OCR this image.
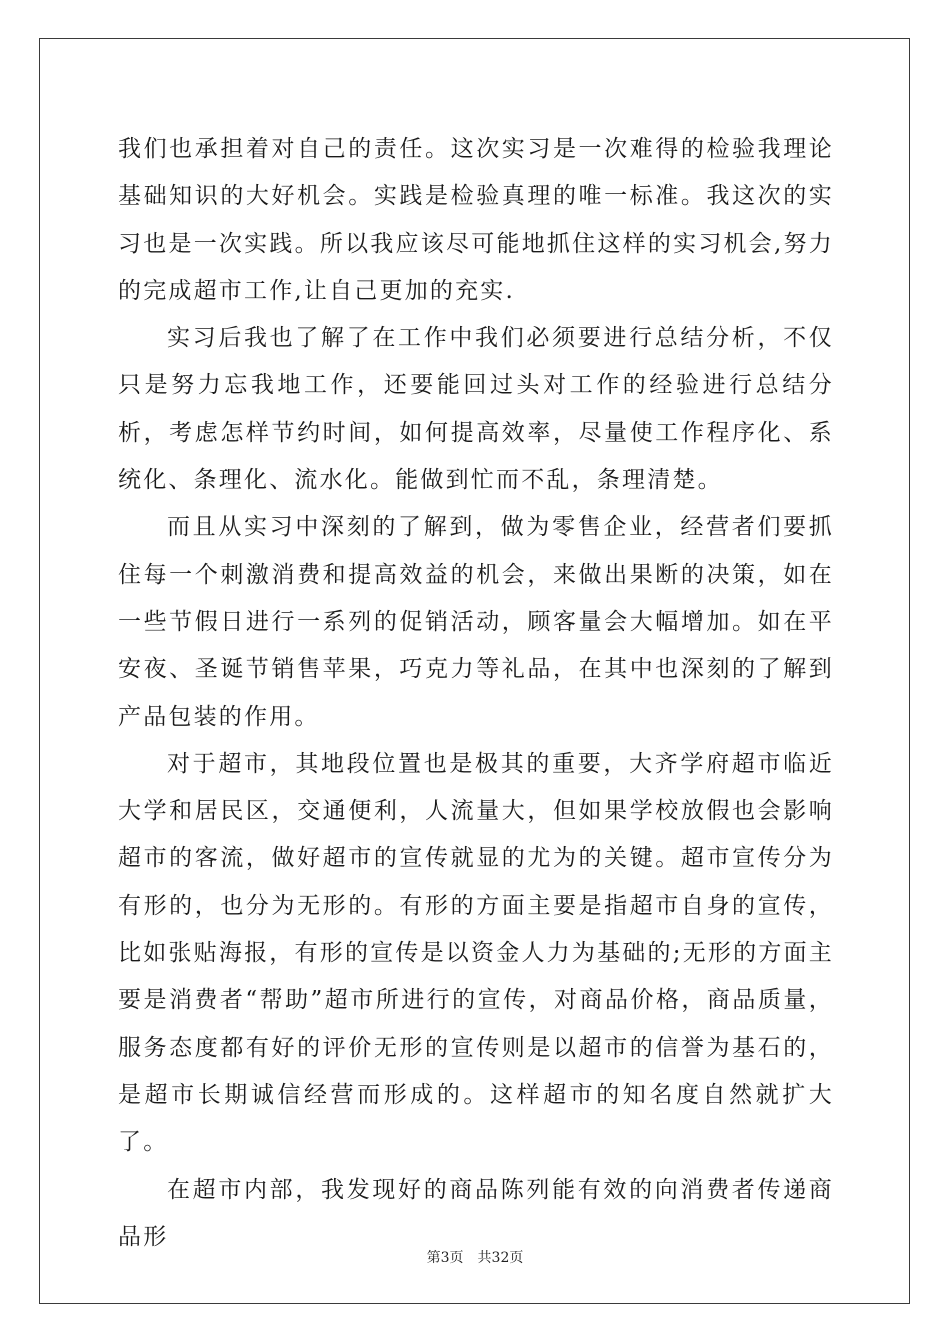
我们也承担着对自己的责任。这次实习是一次难得的检验我理论基础知识的大好机会。实践是检验真理的唯一标准。我这次的实习也是一次实践。所以我应该尽可能地抓住这样的实习机会,努力的完成超市工作,让自己更加的充实.

实习后我也了解了在工作中我们必须要进行总结分析，不仅只是努力忘我地工作，还要能回过头对工作的经验进行总结分析，考虑怎样节约时间，如何提高效率，尽量使工作程序化、系统化、条理化、流水化。能做到忙而不乱，条理清楚。

而且从实习中深刻的了解到，做为零售企业，经营者们要抓住每一个刺激消费和提高效益的机会，来做出果断的决策，如在一些节假日进行一系列的促销活动，顾客量会大幅增加。如在平安夜、圣诞节销售苹果，巧克力等礼品，在其中也深刻的了解到产品包装的作用。

对于超市，其地段位置也是极其的重要，大齐学府超市临近大学和居民区，交通便利，人流量大，但如果学校放假也会影响超市的客流，做好超市的宣传就显的尤为的关键。超市宣传分为有形的，也分为无形的。有形的方面主要是指超市自身的宣传，比如张贴海报，有形的宣传是以资金人力为基础的;无形的方面主要是消费者“帮助”超市所进行的宣传，对商品价格，商品质量，服务态度都有好的评价无形的宣传则是以超市的信誉为基石的，是超市长期诚信经营而形成的。这样超市的知名度自然就扩大了。

在超市内部，我发现好的商品陈列能有效的向消费者传递商品形

第3页 共32页
